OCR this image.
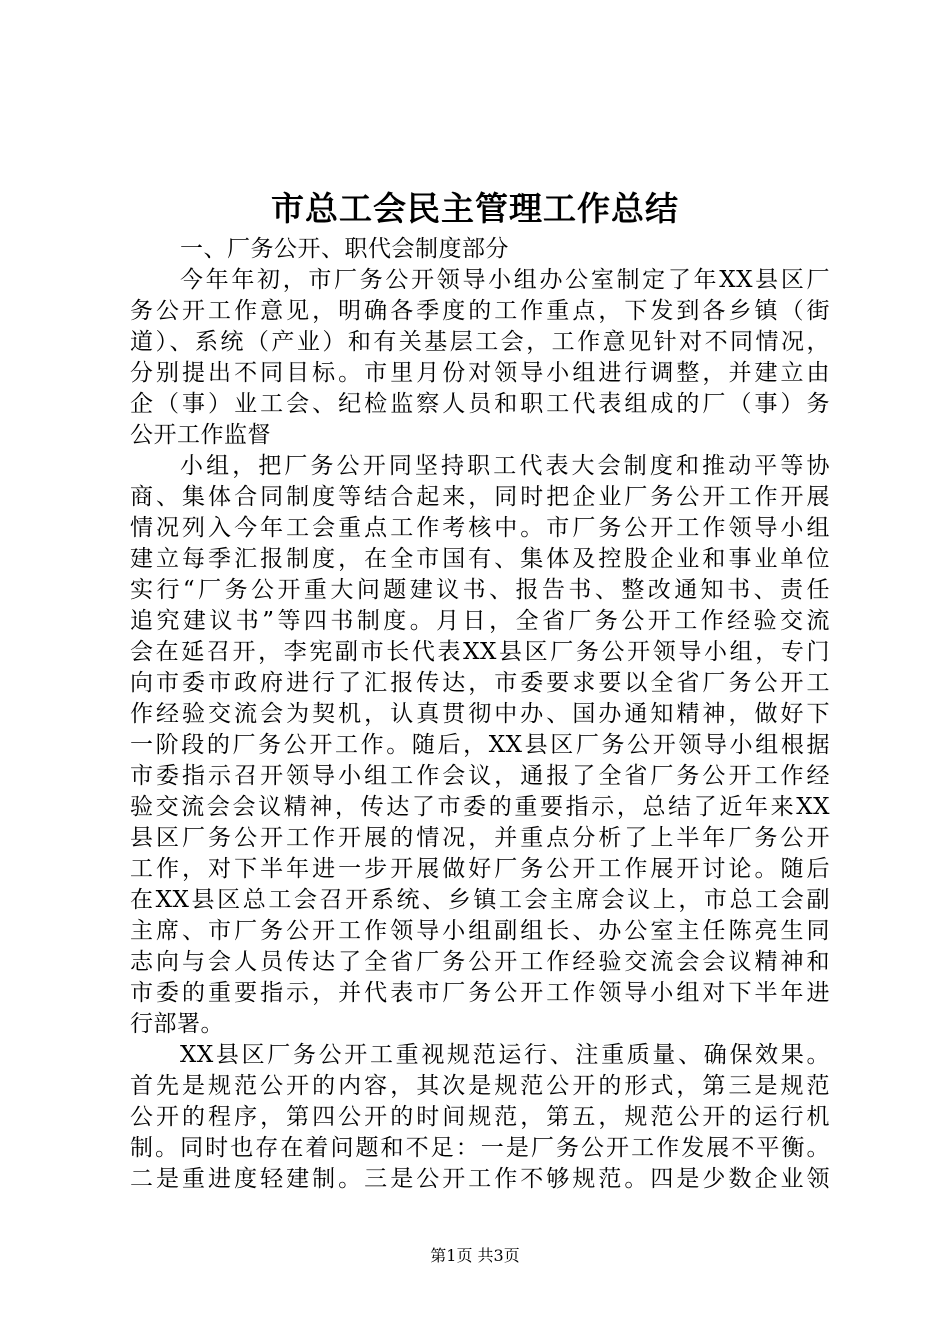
市总工会民主管理工作总结
一、厂务公开、职代会制度部分
今年年初，市厂务公开领导小组办公室制定了年XX县区厂
务公开工作意见，明确各季度的工作重点，下发到各乡镇（街
道）、系统（产业）和有关基层工会，工作意见针对不同情况，
分别提出不同目标。市里月份对领导小组进行调整，并建立由
企（事）业工会、纪检监察人员和职工代表组成的厂（事）务
公开工作监督
小组，把厂务公开同坚持职工代表大会制度和推动平等协
商、集体合同制度等结合起来，同时把企业厂务公开工作开展
情况列入今年工会重点工作考核中。市厂务公开工作领导小组
建立每季汇报制度，在全市国有、集体及控股企业和事业单位
实行“厂务公开重大问题建议书、报告书、整改通知书、责任
追究建议书”等四书制度。月日，全省厂务公开工作经验交流
会在延召开，李宪副市长代表XX县区厂务公开领导小组，专门
向市委市政府进行了汇报传达，市委要求要以全省厂务公开工
作经验交流会为契机，认真贯彻中办、国办通知精神，做好下
一阶段的厂务公开工作。随后，XX县区厂务公开领导小组根据
市委指示召开领导小组工作会议，通报了全省厂务公开工作经
验交流会会议精神，传达了市委的重要指示，总结了近年来XX
县区厂务公开工作开展的情况，并重点分析了上半年厂务公开
工作，对下半年进一步开展做好厂务公开工作展开讨论。随后
在XX县区总工会召开系统、乡镇工会主席会议上，市总工会副
主席、市厂务公开工作领导小组副组长、办公室主任陈亮生同
志向与会人员传达了全省厂务公开工作经验交流会会议精神和
市委的重要指示，并代表市厂务公开工作领导小组对下半年进
行部署。
XX县区厂务公开工重视规范运行、注重质量、确保效果。
首先是规范公开的内容，其次是规范公开的形式，第三是规范
公开的程序，第四公开的时间规范，第五，规范公开的运行机
制。同时也存在着问题和不足：一是厂务公开工作发展不平衡。
二是重进度轻建制。三是公开工作不够规范。四是少数企业领
第1页 共3页
